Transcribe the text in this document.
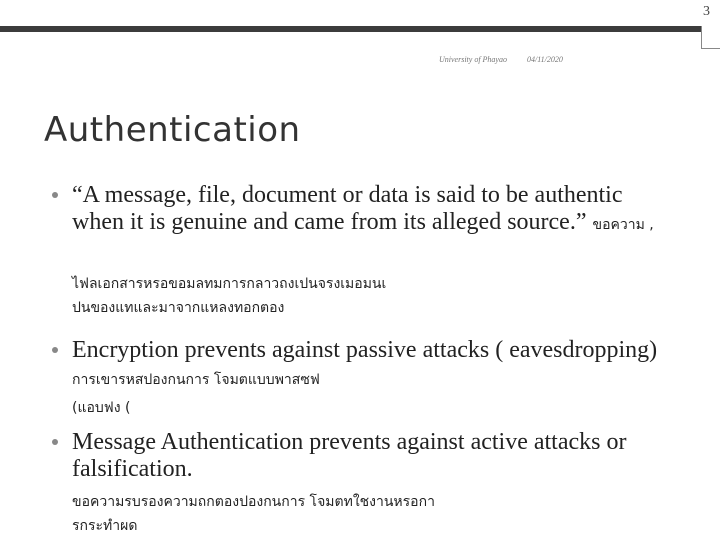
3
University of Phayao	04/11/2020
Authentication
“A message, file, document or data is said to be authentic when it is genuine and came from its alleged source.” ขอความ ,
ไฟลเอกสารหรอขอมลทมการกลาวถงเปนจรงเมอมนเ
ปนของแทและมาจากแหลงทอกตอง
Encryption prevents against passive attacks ( eavesdropping) การเขารหสปองกนการ โจมตแบบพาสซฟ
(แอบฟง (
Message Authentication prevents against active attacks or falsification.
ขอความรบรองความถกตองปองกนการ โจมตทใชงานหรอกา
รกระทำผด
